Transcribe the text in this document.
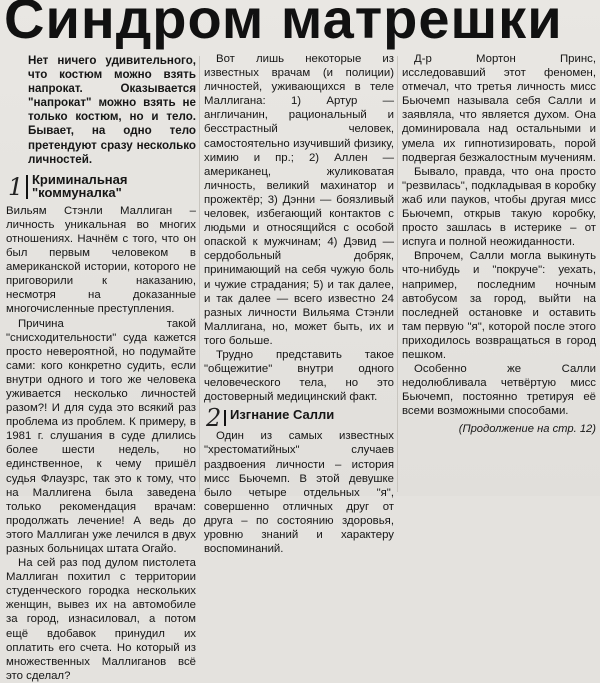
Синдром матрешки

Нет ничего удивительного, что костюм можно взять напрокат. Оказывается "напрокат" можно взять не только костюм, но и тело. Бывает, на одно тело претендуют сразу несколько личностей.

1 Криминальная "коммуналка"

Вильям Стэнли Маллиган – личность уникальная во многих отношениях. Начнём с того, что он был первым человеком в американской истории, которого не приговорили к наказанию, несмотря на доказанные многочисленные преступления.

Причина такой "снисходительности" суда кажется просто невероятной, но подумайте сами: кого конкретно судить, если внутри одного и того же человека уживается несколько личностей разом?! И для суда это всякий раз проблема из проблем. К примеру, в 1981 г. слушания в суде длились более шести недель, но единственное, к чему пришёл судья Флаузрс, так это к тому, что на Маллигена была заведена только рекомендация врачам: продолжать лечение! А ведь до этого Маллиган уже лечился в двух разных больницах штата Огайо.

На сей раз под дулом пистолета Маллиган похитил с территории студенческого городка нескольких женщин, вывез их на автомобиле за город, изнасиловал, а потом ещё вдобавок принудил их оплатить его счета. Но который из множественных Маллиганов всё это сделал?

Вот лишь некоторые из известных врачам (и полиции) личностей, уживающихся в теле Маллигана: 1) Артур — англичанин, рациональный и бесстрастный человек, самостоятельно изучивший физику, химию и пр.; 2) Аллен — американец, жуликоватая личность, великий махинатор и прожектёр; 3) Дэнни — боязливый человек, избегающий контактов с людьми и относящийся с особой опаской к мужчинам; 4) Дэвид — сердобольный добряк, принимающий на себя чужую боль и чужие страдания; 5) и так далее, и так далее — всего известно 24 разных личности Вильяма Стэнли Маллигана, но, может быть, их и того больше.

Трудно представить такое "общежитие" внутри одного человеческого тела, но это достоверный медицинский факт.

2 Изгнание Салли

Один из самых известных "хрестоматийных" случаев раздвоения личности – история мисс Бьючемп. В этой девушке было четыре отдельных "я", совершенно отличных друг от друга – по состоянию здоровья, уровню знаний и характеру воспоминаний.

Д-р Мортон Принс, исследовавший этот феномен, отмечал, что третья личность мисс Бьючемп называла себя Салли и заявляла, что является духом. Она доминировала над остальными и умела их гипнотизировать, порой подвергая безжалостным мучениям.

Бывало, правда, что она просто "резвилась", подкладывая в коробку жаб или пауков, чтобы другая мисс Бьючемп, открыв такую коробку, просто зашлась в истерике – от испуга и полной неожиданности.

Впрочем, Салли могла выкинуть что-нибудь и "покруче": уехать, например, последним ночным автобусом за город, выйти на последней остановке и оставить там первую "я", которой после этого приходилось возвращаться в город пешком.

Особенно же Салли недолюбливала четвёртую мисс Бьючемп, постоянно третируя её всеми возможными способами.

(Продолжение на стр. 12)
